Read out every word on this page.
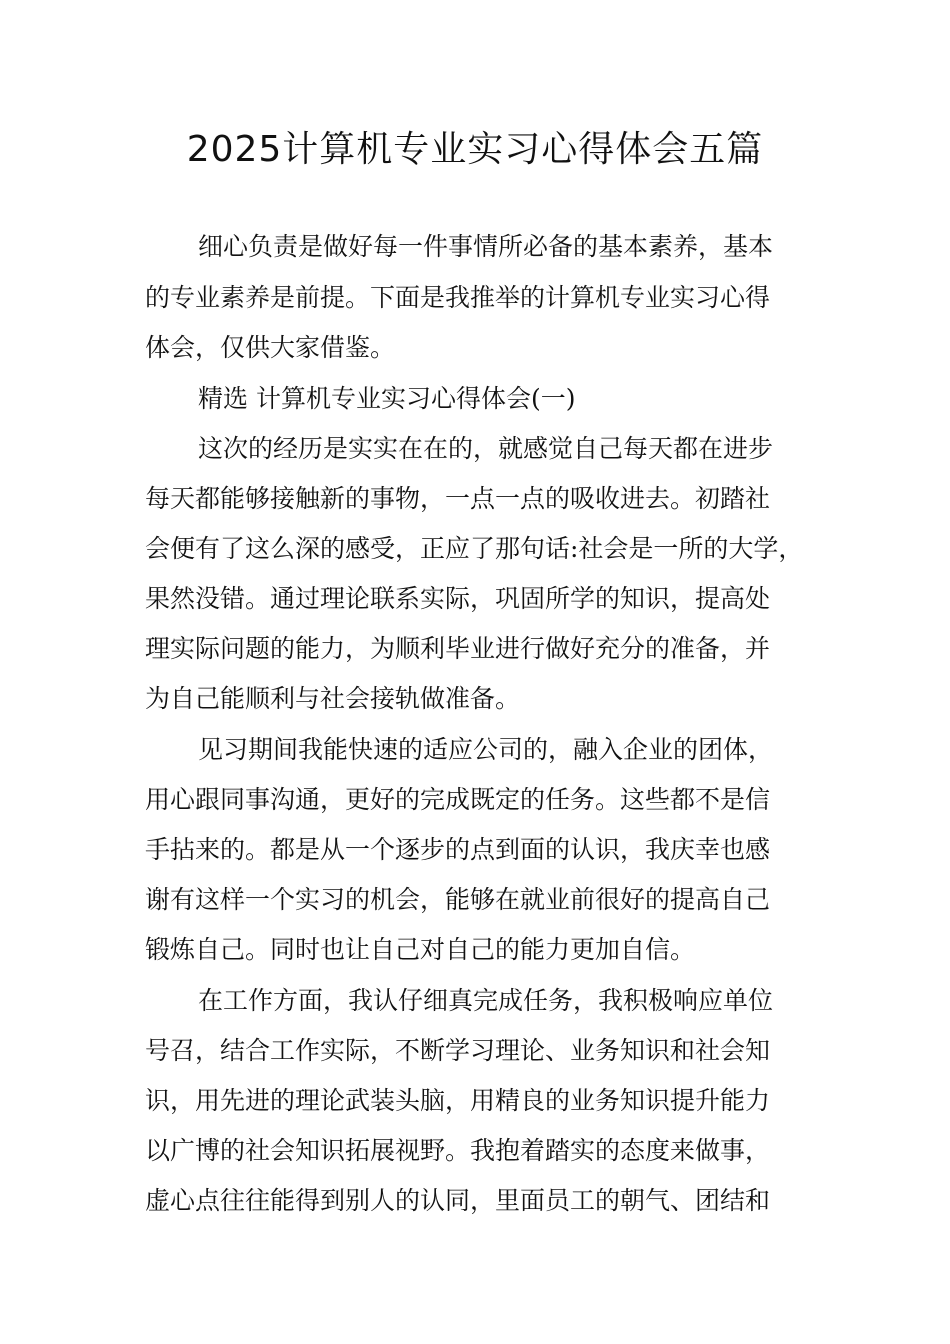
2025计算机专业实习心得体会五篇
细心负责是做好每一件事情所必备的基本素养，基本
的专业素养是前提。下面是我推举的计算机专业实习心得
体会，仅供大家借鉴。
精选 计算机专业实习心得体会(一)
这次的经历是实实在在的，就感觉自己每天都在进步
每天都能够接触新的事物，一点一点的吸收进去。初踏社
会便有了这么深的感受，正应了那句话:社会是一所的大学，
果然没错。通过理论联系实际，巩固所学的知识，提高处
理实际问题的能力，为顺利毕业进行做好充分的准备，并
为自己能顺利与社会接轨做准备。
见习期间我能快速的适应公司的，融入企业的团体，
用心跟同事沟通，更好的完成既定的任务。这些都不是信
手拈来的。都是从一个逐步的点到面的认识，我庆幸也感
谢有这样一个实习的机会，能够在就业前很好的提高自己
锻炼自己。同时也让自己对自己的能力更加自信。
在工作方面，我认仔细真完成任务，我积极响应单位
号召，结合工作实际，不断学习理论、业务知识和社会知
识，用先进的理论武装头脑，用精良的业务知识提升能力
以广博的社会知识拓展视野。我抱着踏实的态度来做事，
虚心点往往能得到别人的认同，里面员工的朝气、团结和
